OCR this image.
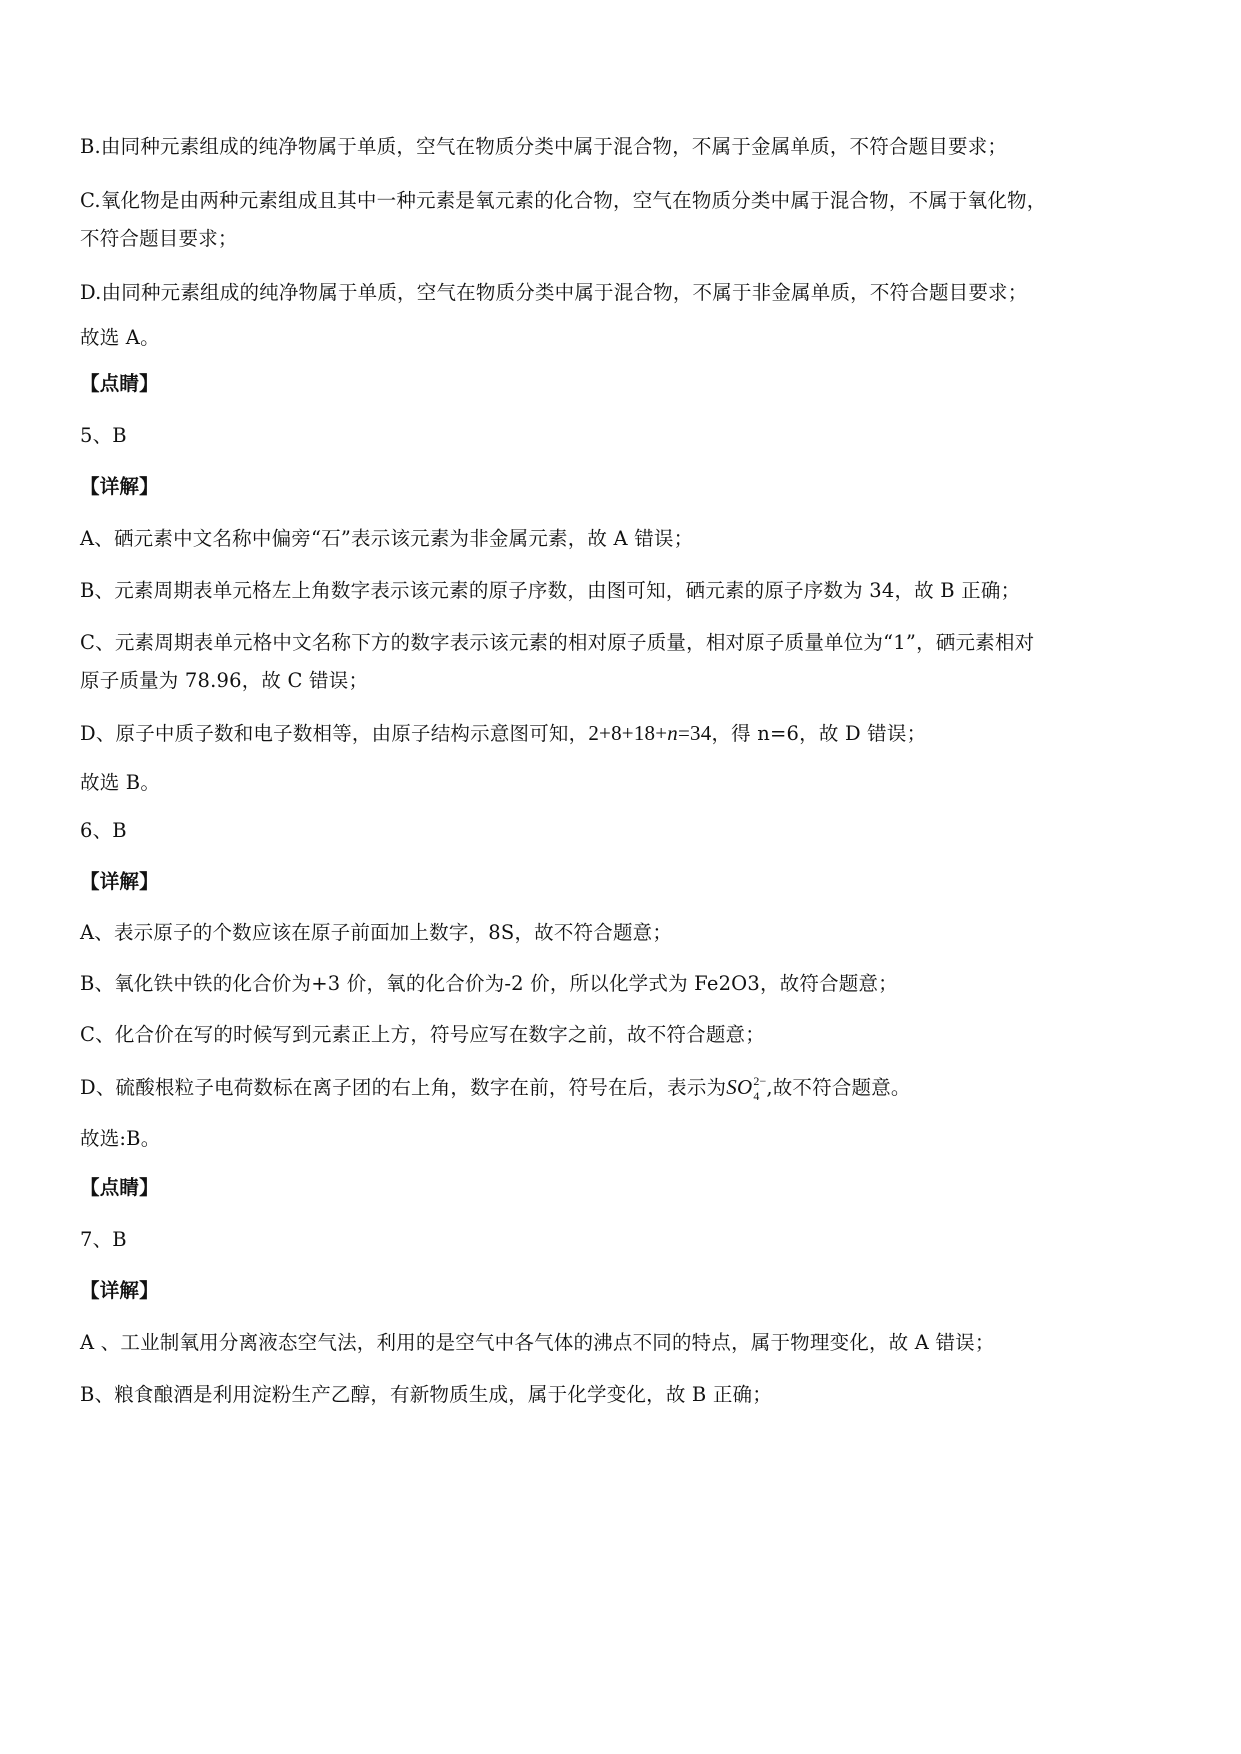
B.由同种元素组成的纯净物属于单质，空气在物质分类中属于混合物，不属于金属单质，不符合题目要求；
C.氧化物是由两种元素组成且其中一种元素是氧元素的化合物，空气在物质分类中属于混合物，不属于氧化物，
不符合题目要求；
D.由同种元素组成的纯净物属于单质，空气在物质分类中属于混合物，不属于非金属单质，不符合题目要求；
故选 A。
【点睛】
5、B
【详解】
A、硒元素中文名称中偏旁“石”表示该元素为非金属元素，故 A 错误；
B、元素周期表单元格左上角数字表示该元素的原子序数，由图可知，硒元素的原子序数为 34，故 B 正确；
C、元素周期表单元格中文名称下方的数字表示该元素的相对原子质量，相对原子质量单位为“1”，硒元素相对
原子质量为 78.96，故 C 错误；
D、原子中质子数和电子数相等，由原子结构示意图可知，2+8+18+n=34，得 n=6，故 D 错误；
故选 B。
6、B
【详解】
A、表示原子的个数应该在原子前面加上数字，8S，故不符合题意；
B、氧化铁中铁的化合价为+3 价，氧的化合价为-2 价，所以化学式为 Fe2O3，故符合题意；
C、化合价在写的时候写到元素正上方，符号应写在数字之前，故不符合题意；
D、硫酸根粒子电荷数标在离子团的右上角，数字在前，符号在后，表示为SO 2−
4 ,故不符合题意。
故选:B。
【点睛】
7、B
【详解】
A 、工业制氧用分离液态空气法，利用的是空气中各气体的沸点不同的特点，属于物理变化，故 A 错误；
B、粮食酿酒是利用淀粉生产乙醇，有新物质生成，属于化学变化，故 B 正确；
